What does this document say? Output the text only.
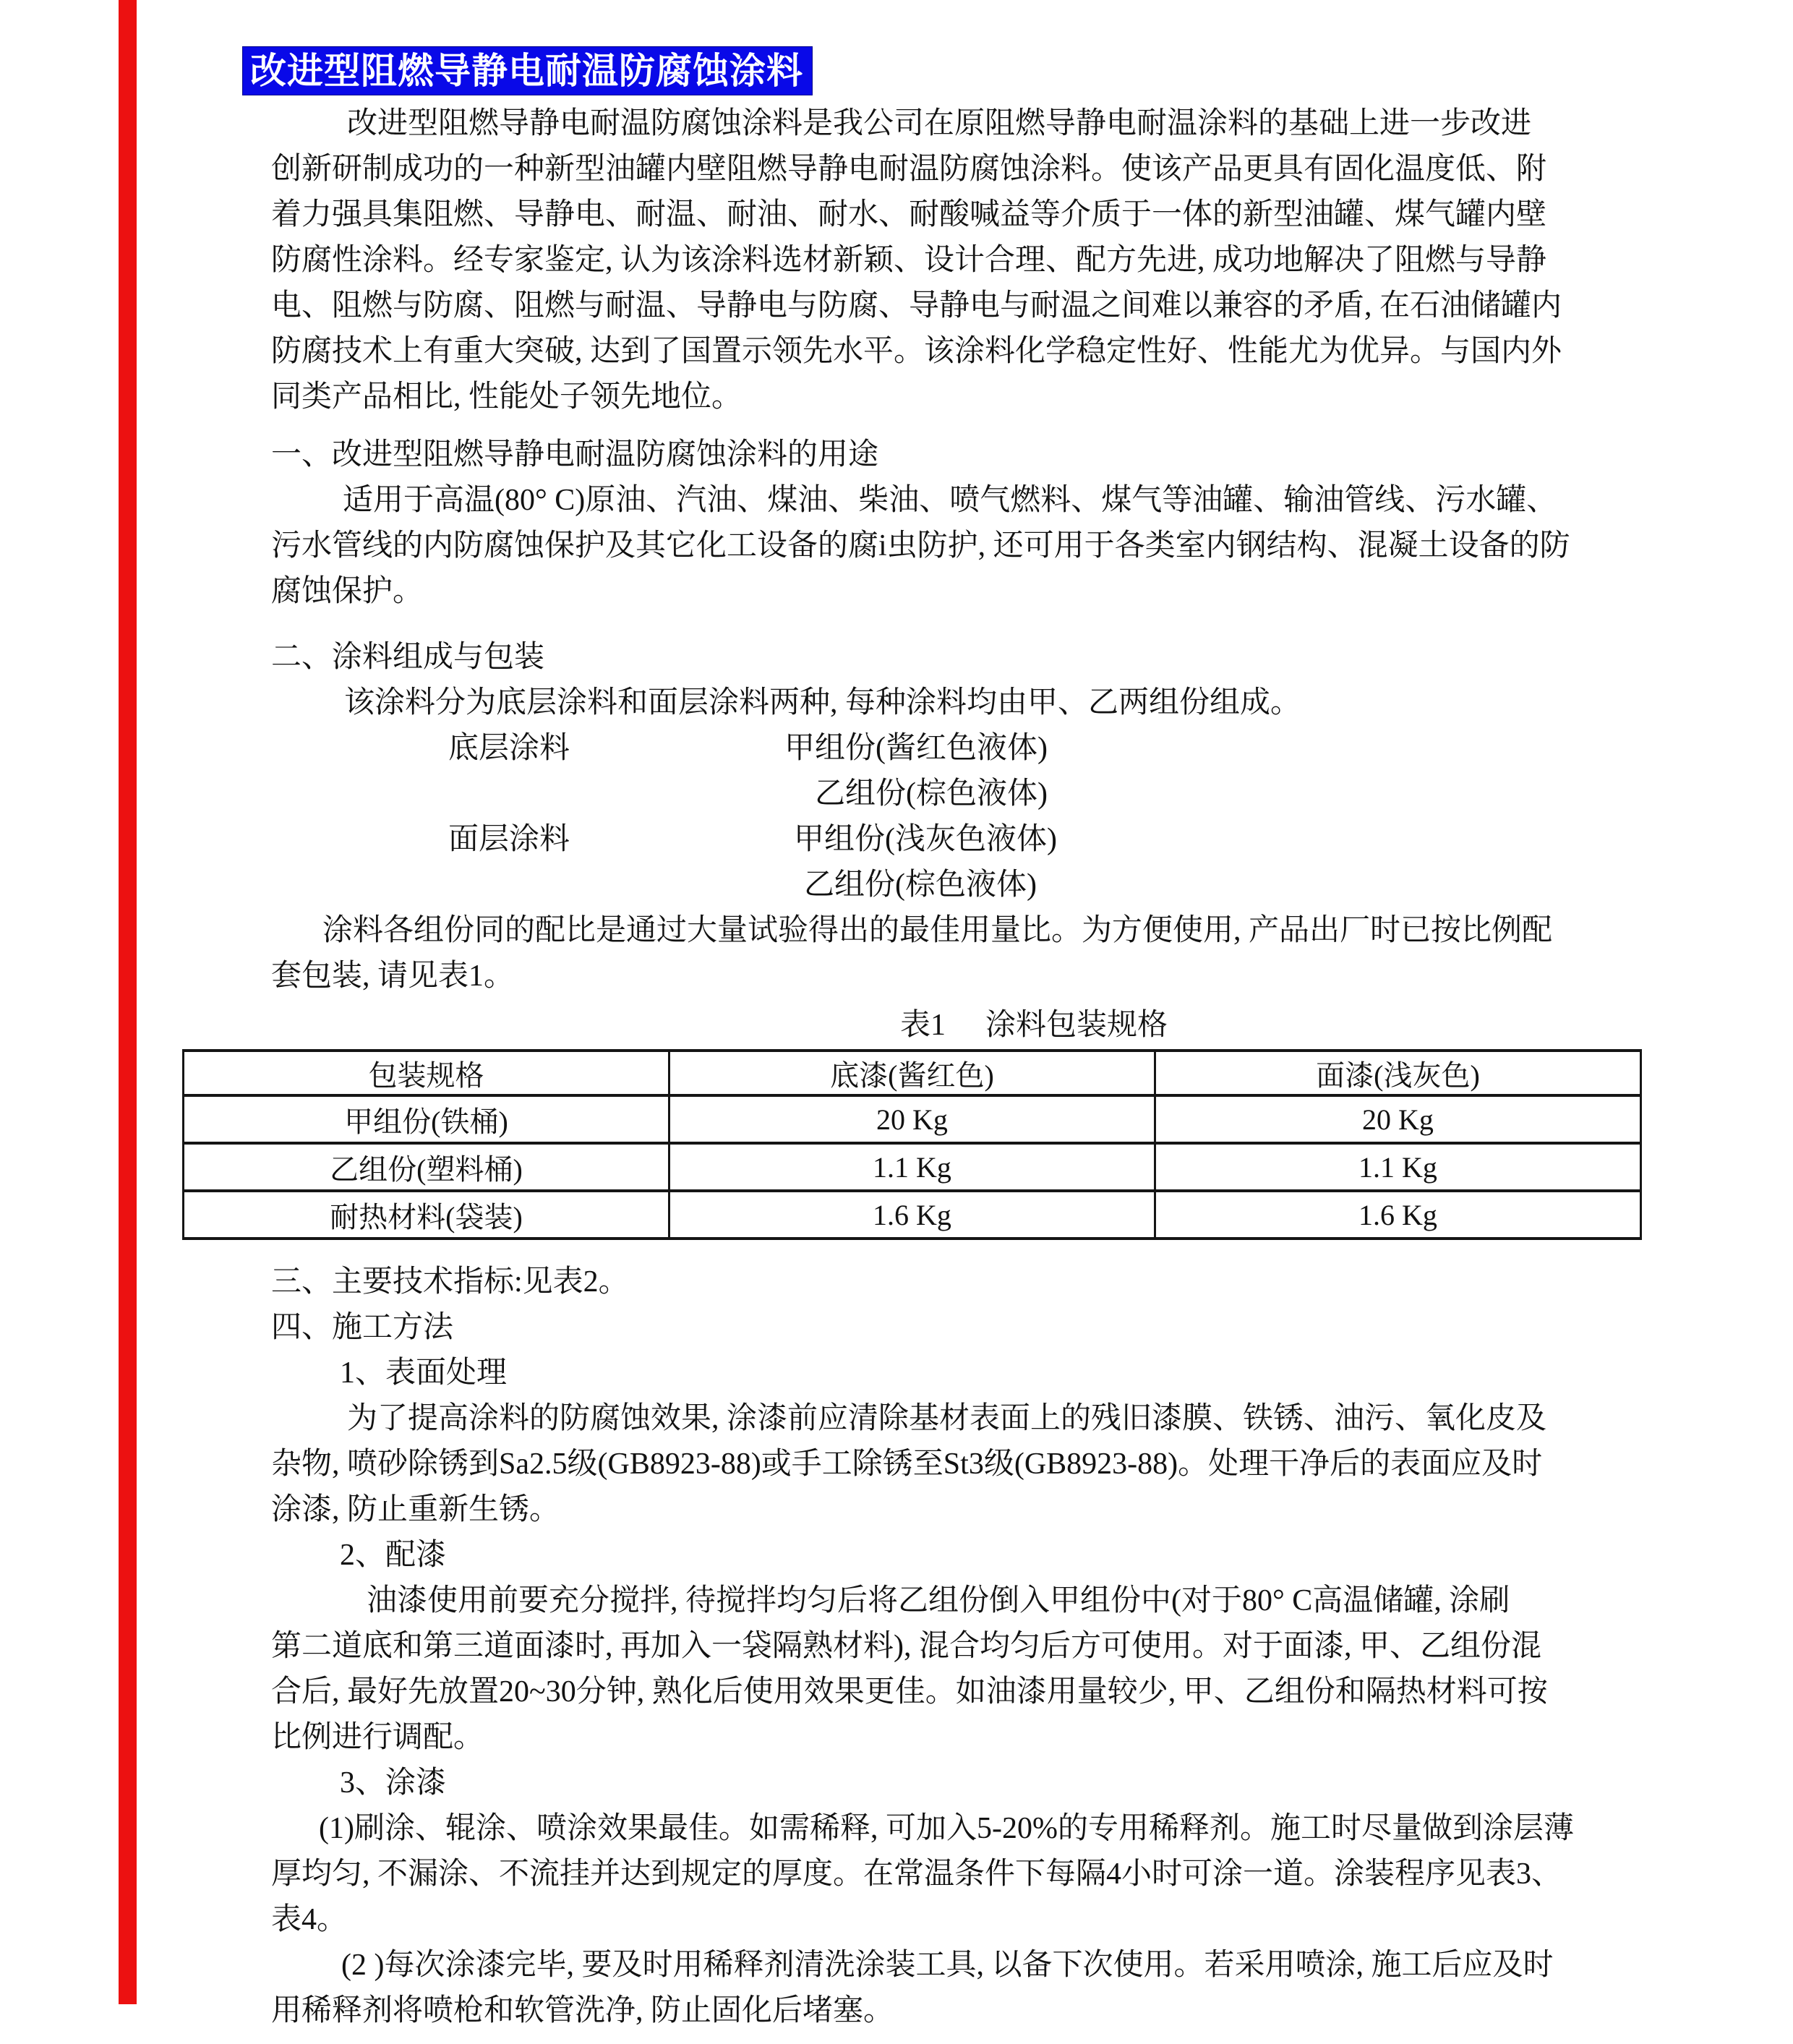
改进型阻燃导静电耐温防腐蚀涂料
改进型阻燃导静电耐温防腐蚀涂料是我公司在原阻燃导静电耐温涂料的基础上进一步改进
创新研制成功的一种新型油罐内壁阻燃导静电耐温防腐蚀涂料。使该产品更具有固化温度低、附
着力强具集阻燃、导静电、耐温、耐油、耐水、耐酸喊益等介质于一体的新型油罐、煤气罐内壁
防腐性涂料。经专家鉴定, 认为该涂料选材新颖、设计合理、配方先进, 成功地解决了阻燃与导静
电、阻燃与防腐、阻燃与耐温、导静电与防腐、导静电与耐温之间难以兼容的矛盾, 在石油储罐内
防腐技术上有重大突破, 达到了国置示领先水平。该涂料化学稳定性好、性能尤为优异。与国内外
同类产品相比, 性能处子领先地位。
一、改进型阻燃导静电耐温防腐蚀涂料的用途
适用于高温(80° C)原油、汽油、煤油、柴油、喷气燃料、煤气等油罐、输油管线、污水罐、
污水管线的内防腐蚀保护及其它化工设备的腐i虫防护, 还可用于各类室内钢结构、混凝土设备的防
腐蚀保护。
二、涂料组成与包装
该涂料分为底层涂料和面层涂料两种, 每种涂料均由甲、乙两组份组成。
底层涂料	甲组份(酱红色液体)
乙组份(棕色液体)
面层涂料	甲组份(浅灰色液体)
乙组份(棕色液体)
涂料各组份同的配比是通过大量试验得出的最佳用量比。为方便使用, 产品出厂时已按比例配
套包装, 请见表1。
表1 涂料包装规格
包装规格	底漆(酱红色)	面漆(浅灰色)
甲组份(铁桶)	20 Kg	20 Kg
乙组份(塑料桶)	1.1 Kg	1.1 Kg
耐热材料(袋装)	1.6 Kg	1.6 Kg
三、主要技术指标:见表2。
四、施工方法
1、表面处理
为了提高涂料的防腐蚀效果, 涂漆前应清除基材表面上的残旧漆膜、铁锈、油污、氧化皮及
杂物, 喷砂除锈到Sa2.5级(GB8923-88)或手工除锈至St3级(GB8923-88)。处理干净后的表面应及时
涂漆, 防止重新生锈。
2、配漆
油漆使用前要充分搅拌, 待搅拌均匀后将乙组份倒入甲组份中(对于80° C高温储罐, 涂刷
第二道底和第三道面漆时, 再加入一袋隔熟材料), 混合均匀后方可使用。对于面漆, 甲、乙组份混
合后, 最好先放置20~30分钟, 熟化后使用效果更佳。如油漆用量较少, 甲、乙组份和隔热材料可按
比例进行调配。
3、涂漆
(1)刷涂、辊涂、喷涂效果最佳。如需稀释, 可加入5-20%的专用稀释剂。施工时尽量做到涂层薄
厚均匀, 不漏涂、不流挂并达到规定的厚度。在常温条件下每隔4小时可涂一道。涂装程序见表3、
表4。
(2 )每次涂漆完毕, 要及时用稀释剂清洗涂装工具, 以备下次使用。若采用喷涂, 施工后应及时
用稀释剂将喷枪和软管洗净, 防止固化后堵塞。
